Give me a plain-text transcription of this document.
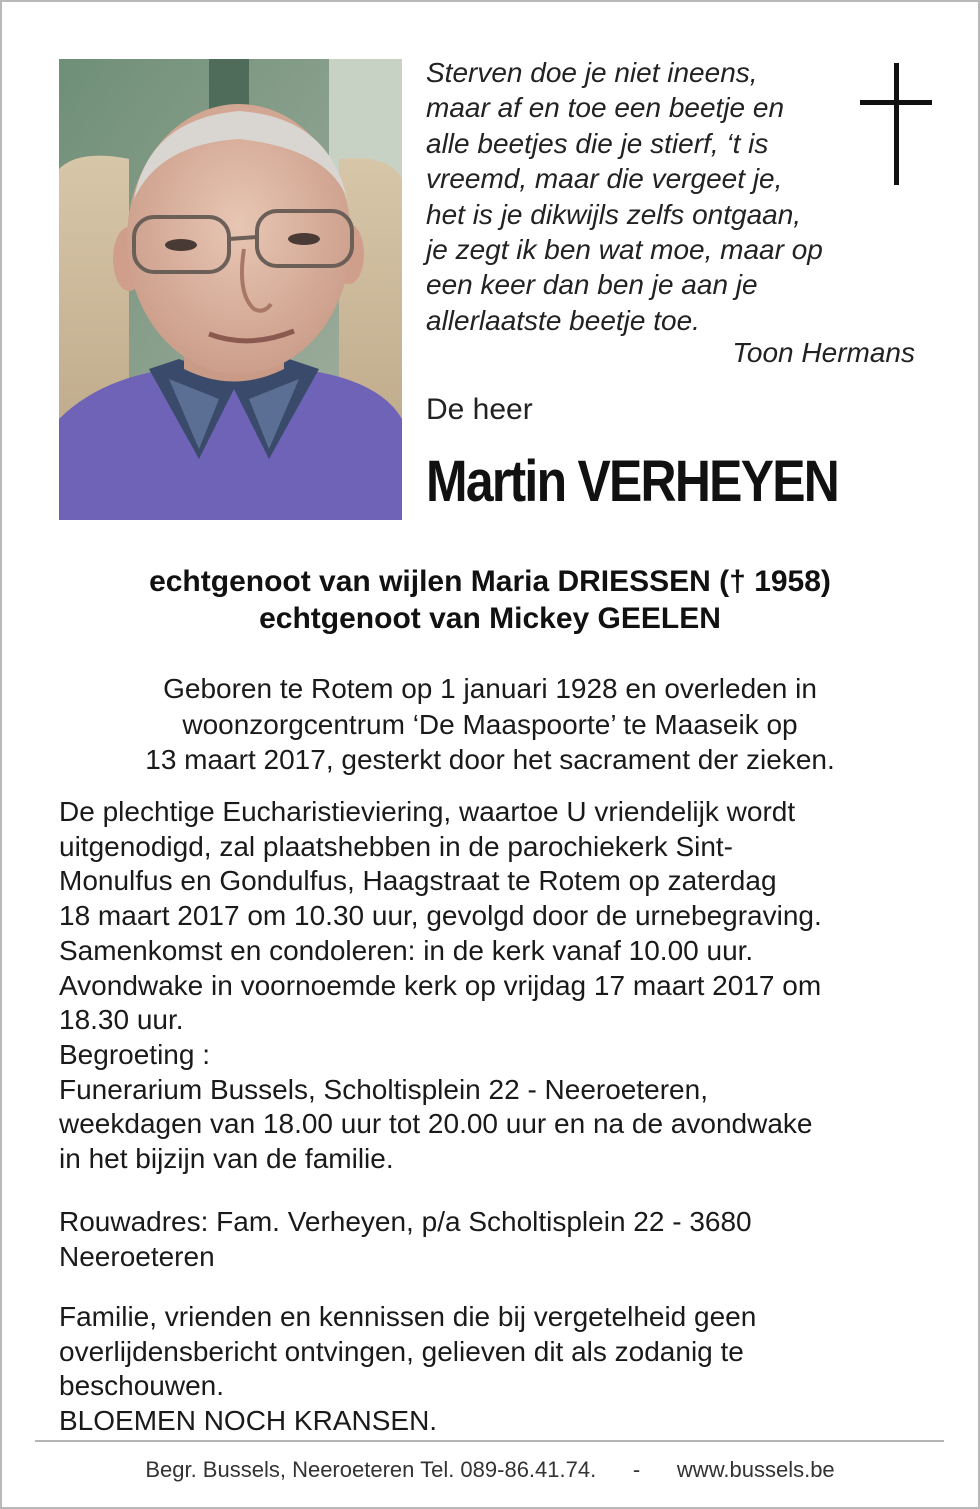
Sterven doe je niet ineens,
maar af en toe een beetje en
alle beetjes die je stierf, ‘t is
vreemd, maar die vergeet je,
het is je dikwijls zelfs ontgaan,
je zegt ik ben wat moe, maar op
een keer dan ben je aan je
allerlaatste beetje toe.
Toon Hermans
De heer
Martin VERHEYEN
echtgenoot van wijlen Maria DRIESSEN († 1958)
echtgenoot van Mickey GEELEN
Geboren te Rotem op 1 januari 1928 en overleden in
woonzorgcentrum ‘De Maaspoorte’ te Maaseik op
13 maart 2017, gesterkt door het sacrament der zieken.
De plechtige Eucharistieviering, waartoe U vriendelijk wordt
uitgenodigd, zal plaatshebben in de parochiekerk Sint-
Monulfus en Gondulfus, Haagstraat te Rotem op zaterdag
18 maart 2017 om 10.30 uur, gevolgd door de urnebegraving.
Samenkomst en condoleren: in de kerk vanaf 10.00 uur.
Avondwake in voornoemde kerk op vrijdag 17 maart 2017 om
18.30 uur.
Begroeting :
Funerarium Bussels, Scholtisplein 22 - Neeroeteren,
weekdagen van 18.00 uur tot 20.00 uur en na de avondwake
in het bijzijn van de familie.
Rouwadres: Fam. Verheyen, p/a Scholtisplein 22 - 3680
Neeroeteren
Familie, vrienden en kennissen die bij vergetelheid geen
overlijdensbericht ontvingen, gelieven dit als zodanig te
beschouwen.
BLOEMEN NOCH KRANSEN.
Begr. Bussels, Neeroeteren Tel. 089-86.41.74. - www.bussels.be
